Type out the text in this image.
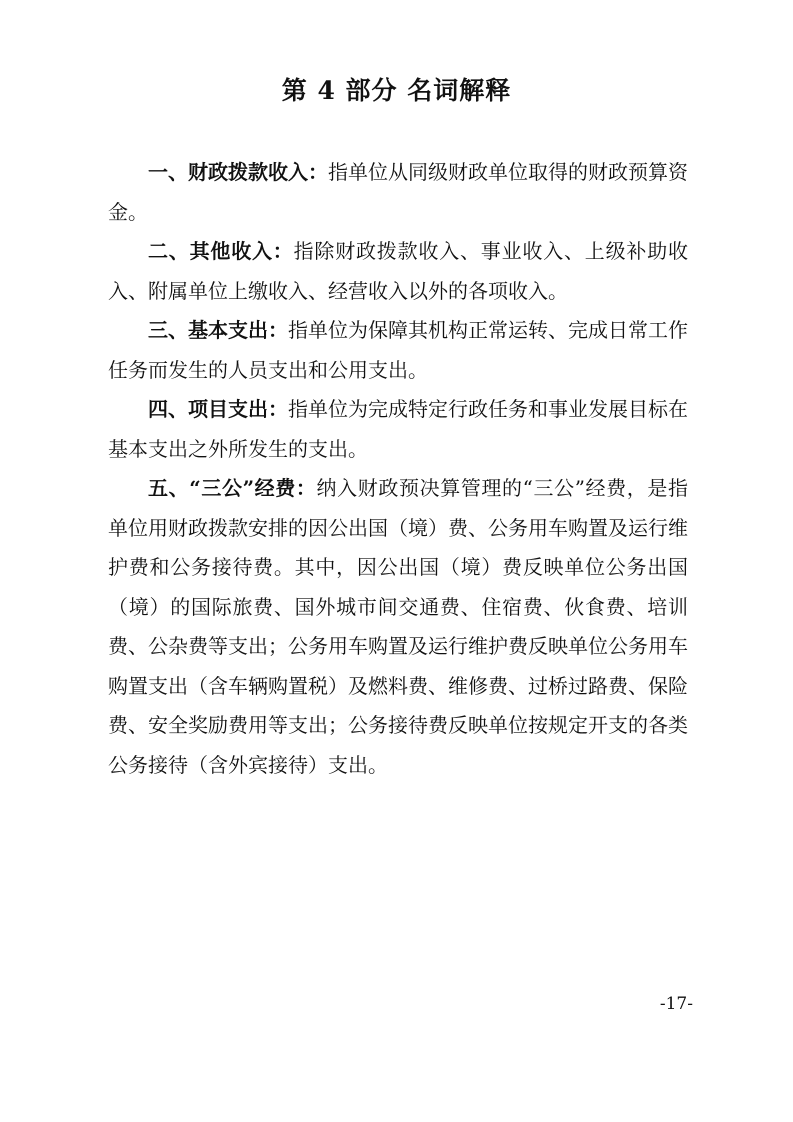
第 4 部分 名词解释

一、财政拨款收入：指单位从同级财政单位取得的财政预算资金。

二、其他收入：指除财政拨款收入、事业收入、上级补助收入、附属单位上缴收入、经营收入以外的各项收入。

三、基本支出：指单位为保障其机构正常运转、完成日常工作任务而发生的人员支出和公用支出。

四、项目支出：指单位为完成特定行政任务和事业发展目标在基本支出之外所发生的支出。

五、“三公”经费：纳入财政预决算管理的“三公”经费，是指单位用财政拨款安排的因公出国（境）费、公务用车购置及运行维护费和公务接待费。其中，因公出国（境）费反映单位公务出国（境）的国际旅费、国外城市间交通费、住宿费、伙食费、培训费、公杂费等支出；公务用车购置及运行维护费反映单位公务用车购置支出（含车辆购置税）及燃料费、维修费、过桥过路费、保险费、安全奖励费用等支出；公务接待费反映单位按规定开支的各类公务接待（含外宾接待）支出。

-17-
